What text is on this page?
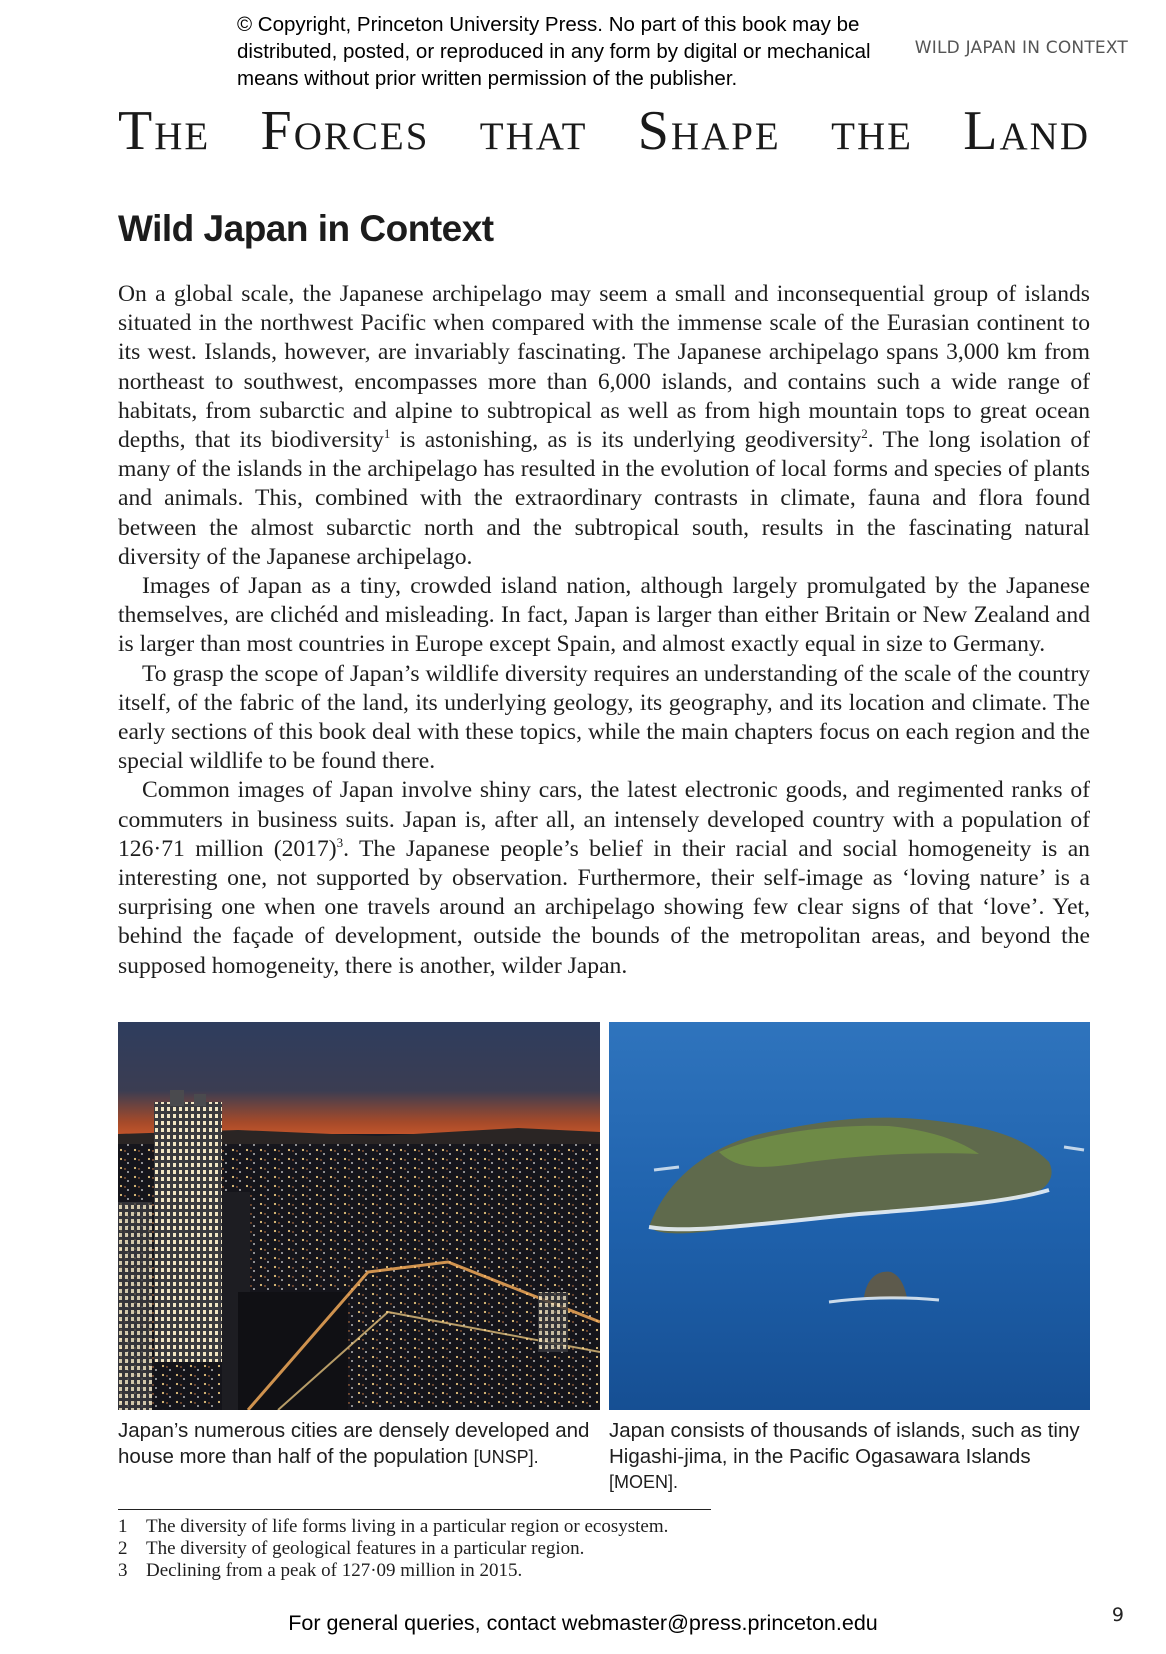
© Copyright, Princeton University Press. No part of this book may be
distributed, posted, or reproduced in any form by digital or mechanical
means without prior written permission of the publisher.
WILD JAPAN IN CONTEXT
The Forces that Shape the Land
Wild Japan in Context

On a global scale, the Japanese archipelago may seem a small and inconsequential group of islands situated in the northwest Pacific when compared with the immense scale of the Eurasian continent to its west. Islands, however, are invariably fascinating. The Japanese archipelago spans 3,000 km from northeast to southwest, encompasses more than 6,000 islands, and contains such a wide range of habitats, from subarctic and alpine to subtropical as well as from high mountain tops to great ocean depths, that its biodiversity$^1$ is astonishing, as is its underlying geodiversity$^2$. The long isolation of many of the islands in the archipelago has resulted in the evolution of local forms and species of plants and animals. This, combined with the extraordinary contrasts in climate, fauna and flora found between the almost subarctic north and the subtropical south, results in the fascinating natural diversity of the Japanese archipelago.

Images of Japan as a tiny, crowded island nation, although largely promulgated by the Japanese themselves, are clichéd and misleading. In fact, Japan is larger than either Britain or New Zealand and is larger than most countries in Europe except Spain, and almost exactly equal in size to Germany.

To grasp the scope of Japan’s wildlife diversity requires an understanding of the scale of the country itself, of the fabric of the land, its underlying geology, its geography, and its location and climate. The early sections of this book deal with these topics, while the main chapters focus on each region and the special wildlife to be found there.

Common images of Japan involve shiny cars, the latest electronic goods, and regimented ranks of commuters in business suits. Japan is, after all, an intensely developed country with a population of 126·71 million $(2017)^3$. The Japanese people’s belief in their racial and social homogeneity is an interesting one, not supported by observation. Furthermore, their self-image as ‘loving nature’ is a surprising one when one travels around an archipelago showing few clear signs of that ‘love’. Yet, behind the façade of development, outside the bounds of the metropolitan areas, and beyond the supposed homogeneity, there is another, wilder Japan.

Japan’s numerous cities are densely developed and house more than half of the population [UNSP].
Japan consists of thousands of islands, such as tiny Higashi-jima, in the Pacific Ogasawara Islands [MOEN].
1 The diversity of life forms living in a particular region or ecosystem.
2 The diversity of geological features in a particular region.
3 Declining from a peak of 127·09 million in 2015.
For general queries, contact webmaster@press.princeton.edu	9
